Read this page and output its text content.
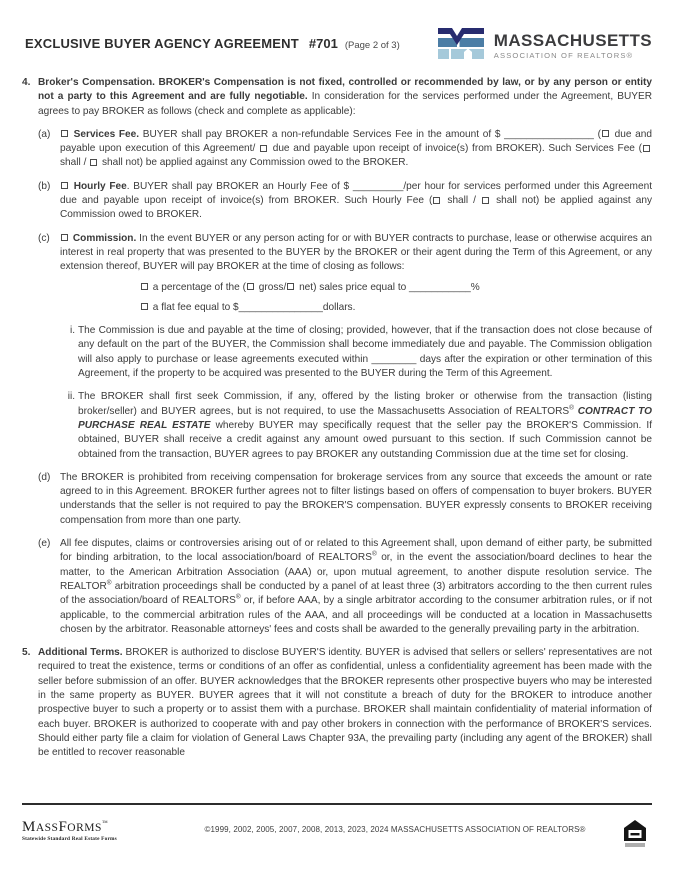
EXCLUSIVE BUYER AGENCY AGREEMENT #701 (Page 2 of 3)	MASSACHUSETTS
ASSOCIATION OF REALTORS®
4. Broker's Compensation. BROKER's Compensation is not fixed, controlled or recommended by law, or by any person or entity not a party to this Agreement and are fully negotiable. In consideration for the services performed under the Agreement, BUYER agrees to pay BROKER as follows (check and complete as applicable):
(a)	Services Fee. BUYER shall pay BROKER a non-refundable Services Fee in the amount of $ ________________ ( due and payable upon execution of this Agreement/  due and payable upon receipt of invoice(s) from BROKER). Such Services Fee ( shall /  shall not) be applied against any Commission owed to the BROKER.
(b)	Hourly Fee. BUYER shall pay BROKER an Hourly Fee of $ _________/per hour for services performed under this Agreement due and payable upon receipt of invoice(s) from BROKER. Such Hourly Fee ( shall /  shall not) be applied against any Commission owed to BROKER.
(c)	Commission. In the event BUYER or any person acting for or with BUYER contracts to purchase, lease or otherwise acquires an interest in real property that was presented to the BUYER by the BROKER or their agent during the Term of this Agreement, or any extension thereof, BUYER will pay BROKER at the time of closing as follows:
a percentage of the ( gross/ net) sales price equal to ___________%
a flat fee equal to $_______________dollars.
i. The Commission is due and payable at the time of closing; provided, however, that if the transaction does not close because of any default on the part of the BUYER, the Commission shall become immediately due and payable. The Commission obligation will also apply to purchase or lease agreements executed within ________ days after the expiration or other termination of this Agreement, if the property to be acquired was presented to the BUYER during the Term of this Agreement.
ii. The BROKER shall first seek Commission, if any, offered by the listing broker or otherwise from the transaction (listing broker/seller) and BUYER agrees, but is not required, to use the Massachusetts Association of REALTORS® CONTRACT TO PURCHASE REAL ESTATE whereby BUYER may specifically request that the seller pay the BROKER'S Commission. If obtained, BUYER shall receive a credit against any amount owed pursuant to this section. If such Commission cannot be obtained from the transaction, BUYER agrees to pay BROKER any outstanding Commission due at the time set for closing.
(d) The BROKER is prohibited from receiving compensation for brokerage services from any source that exceeds the amount or rate agreed to in this Agreement. BROKER further agrees not to filter listings based on offers of compensation to buyer brokers. BUYER understands that the seller is not required to pay the BROKER'S compensation. BUYER expressly consents to BROKER receiving compensation from more than one party.
(e) All fee disputes, claims or controversies arising out of or related to this Agreement shall, upon demand of either party, be submitted for binding arbitration, to the local association/board of REALTORS® or, in the event the association/board declines to hear the matter, to the American Arbitration Association (AAA) or, upon mutual agreement, to another dispute resolution service. The REALTOR® arbitration proceedings shall be conducted by a panel of at least three (3) arbitrators according to the then current rules of the association/board of REALTORS® or, if before AAA, by a single arbitrator according to the consumer arbitration rules, or if not applicable, to the commercial arbitration rules of the AAA, and all proceedings will be conducted at a location in Massachusetts chosen by the arbitrator. Reasonable attorneys' fees and costs shall be awarded to the generally prevailing party in the arbitration.
5. Additional Terms. BROKER is authorized to disclose BUYER'S identity. BUYER is advised that sellers or sellers' representatives are not required to treat the existence, terms or conditions of an offer as confidential, unless a confidentiality agreement has been made with the seller before submission of an offer. BUYER acknowledges that the BROKER represents other prospective buyers who may be interested in the same property as BUYER. BUYER agrees that it will not constitute a breach of duty for the BROKER to introduce another prospective buyer to such a property or to assist them with a purchase. BROKER shall maintain confidentiality of material information of each buyer. BROKER is authorized to cooperate with and pay other brokers in connection with the performance of BROKER'S services. Should either party file a claim for violation of General Laws Chapter 93A, the prevailing party (including any agent of the BROKER) shall be entitled to recover reasonable
MASSFORMS™
Statewide Standard Real Estate Forms
©1999, 2002, 2005, 2007, 2008, 2013, 2023, 2024 MASSACHUSETTS ASSOCIATION OF REALTORS®
